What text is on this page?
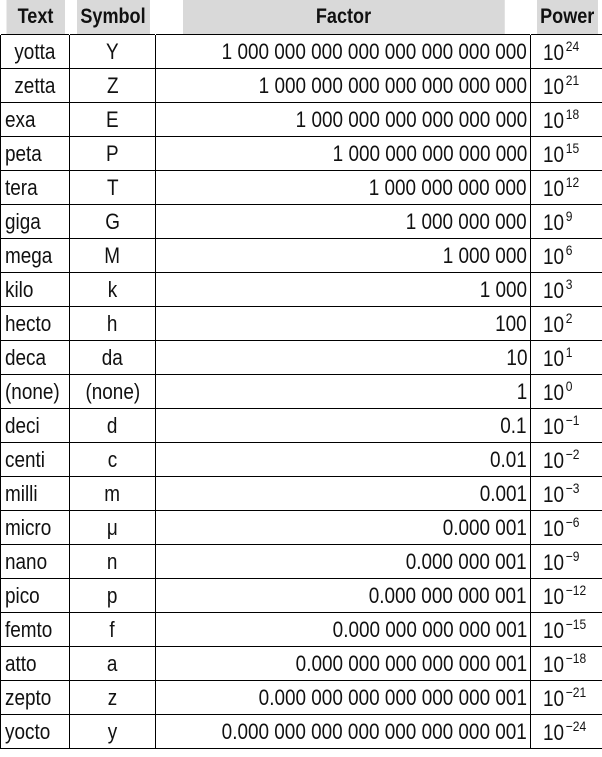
Text	Symbol	Factor	Power
yotta	Y	1 000 000 000 000 000 000 000 000	10 $^{24}$
zetta	Z	1 000 000 000 000 000 000 000	10 $^{21}$
exa	E	1 000 000 000 000 000 000	10 $^{18}$
peta	P	1 000 000 000 000 000	10 $^{15}$
tera	T	1 000 000 000 000	10 $^{12}$
giga	G	1 000 000 000	10 $^9$
mega	M	1 000 000	10 $^6$
kilo	k	1 000	10 $^3$
hecto	h	100	10 $^2$
deca	da	10	10 $^1$
(none)	(none)	1	10 $^0$
deci	d	0.1	10 $^{-1}$
centi	c	0.01	10 $^{-2}$
milli	m	0.001	10 $^{-3}$
micro	μ	0.000 001	10 $^{-6}$
nano	n	0.000 000 001	10 $^{-9}$
pico	p	0.000 000 000 001	10 $^{-12}$
femto	f	0.000 000 000 000 001	10 $^{-15}$
atto	a	0.000 000 000 000 000 001	10 $^{-18}$
zepto	z	0.000 000 000 000 000 000 001	10 $^{-21}$
yocto	y	0.000 000 000 000 000 000 000 001	10 $^{-24}$
